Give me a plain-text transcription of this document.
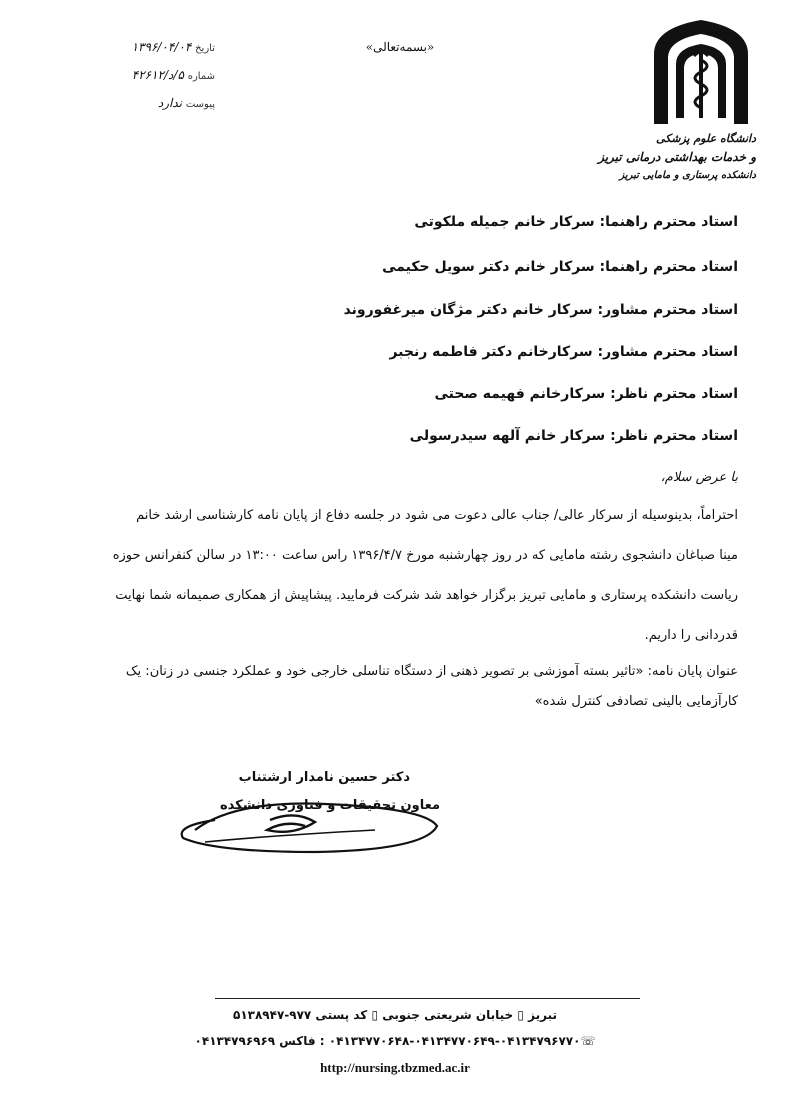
دانشگاه علوم پزشکی
و خدمات بهداشتی درمانی تبریز
دانشکده پرستاری و مامایی تبریز
«بسمه‌تعالی»
تاریخ ۱۳۹۶/۰۴/۰۴
شماره ۵/د/۴۲۶۱۲
پیوست ندارد
استاد محترم راهنما: سرکار خانم جمیله ملکوتی
استاد محترم راهنما: سرکار خانم دکتر سویل حکیمی
استاد محترم مشاور: سرکار خانم دکتر مژگان میرغفوروند
استاد محترم مشاور: سرکارخانم دکتر فاطمه رنجبر
استاد محترم ناظر: سرکارخانم فهیمه صحتی
استاد محترم ناظر: سرکار خانم آلهه سیدرسولی
با عرض سلام،
احتراماً، بدینوسیله از سرکار عالی/ جناب عالی دعوت می شود در جلسه دفاع از پایان نامه کارشناسی ارشد خانم
مینا صباغان دانشجوی رشته مامایی که در روز چهارشنبه مورخ ۱۳۹۶/۴/۷ راس ساعت ۱۳:۰۰ در سالن کنفرانس حوزه
ریاست دانشکده پرستاری و مامایی تبریز برگزار خواهد شد شرکت فرمایید. پیشاپیش از همکاری صمیمانه شما نهایت
قدردانی را داریم.
عنوان پایان نامه: «تاثیر بسته آموزشی بر تصویر ذهنی از دستگاه تناسلی خارجی خود و عملکرد جنسی در زنان: یک
کارآزمایی بالینی تصادفی کنترل شده»
دکتر حسین نامدار ارشتناب
معاون تحقیقات و فناوری دانشکده
تبریز ▯ خیابان شریعتی جنوبی ▯ کد پستی ۹۷۷-۵۱۳۸۹۴۷
☏۰۴۱۳۴۷۷۰۶۴۸-۰۴۱۳۴۷۷۰۶۴۹-۰۴۱۳۴۷۹۶۷۷۰ : فاکس ۰۴۱۳۴۷۹۶۹۶۹
http://nursing.tbzmed.ac.ir
